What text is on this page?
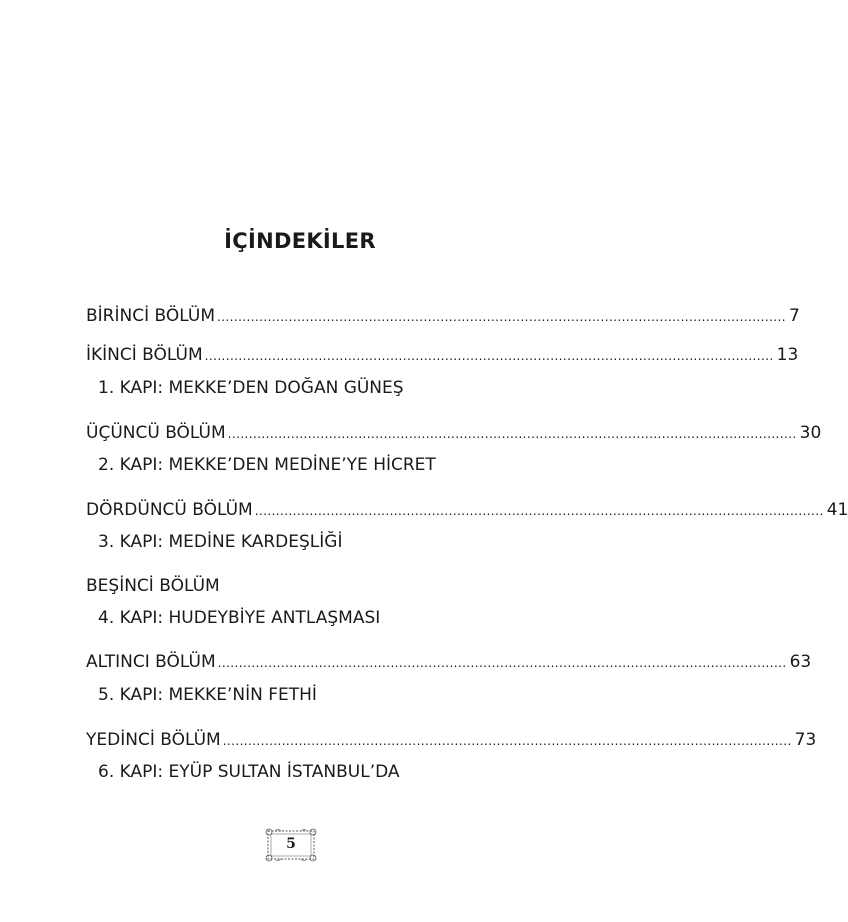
İÇİNDEKİLER
BİRİNCİ BÖLÜM ....................................................................................................................................... 7
İKİNCİ BÖLÜM ....................................................................................................................................... 13
1. KAPI: MEKKE’DEN DOĞAN GÜNEŞ
ÜÇÜNCÜ BÖLÜM ....................................................................................................................................... 30
2. KAPI: MEKKE’DEN MEDİNE’YE HİCRET
DÖRDÜNCÜ BÖLÜM ....................................................................................................................................... 41
3. KAPI: MEDİNE KARDEŞLİĞİ
BEŞİNCİ BÖLÜM
4. KAPI: HUDEYBİYE ANTLAŞMASI
ALTINCI BÖLÜM ....................................................................................................................................... 63
5. KAPI: MEKKE’NİN FETHİ
YEDİNCİ BÖLÜM ....................................................................................................................................... 73
6. KAPI: EYÜP SULTAN İSTANBUL’DA
5
